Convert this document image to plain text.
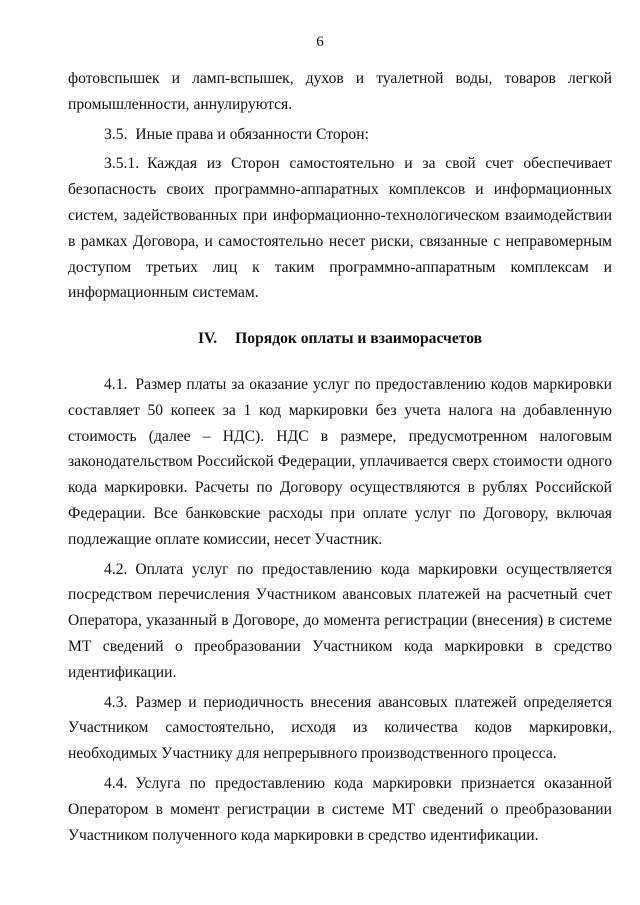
6

фотовспышек и ламп-вспышек, духов и туалетной воды, товаров легкой промышленности, аннулируются.

3.5. Иные права и обязанности Сторон:

3.5.1. Каждая из Сторон самостоятельно и за свой счет обеспечивает безопасность своих программно-аппаратных комплексов и информационных систем, задействованных при информационно-технологическом взаимодействии в рамках Договора, и самостоятельно несет риски, связанные с неправомерным доступом третьих лиц к таким программно-аппаратным комплексам и информационным системам.

IV. Порядок оплаты и взаиморасчетов

4.1. Размер платы за оказание услуг по предоставлению кодов маркировки составляет 50 копеек за 1 код маркировки без учета налога на добавленную стоимость (далее – НДС). НДС в размере, предусмотренном налоговым законодательством Российской Федерации, уплачивается сверх стоимости одного кода маркировки. Расчеты по Договору осуществляются в рублях Российской Федерации. Все банковские расходы при оплате услуг по Договору, включая подлежащие оплате комиссии, несет Участник.

4.2. Оплата услуг по предоставлению кода маркировки осуществляется посредством перечисления Участником авансовых платежей на расчетный счет Оператора, указанный в Договоре, до момента регистрации (внесения) в системе МТ сведений о преобразовании Участником кода маркировки в средство идентификации.

4.3. Размер и периодичность внесения авансовых платежей определяется Участником самостоятельно, исходя из количества кодов маркировки, необходимых Участнику для непрерывного производственного процесса.

4.4. Услуга по предоставлению кода маркировки признается оказанной Оператором в момент регистрации в системе МТ сведений о преобразовании Участником полученного кода маркировки в средство идентификации.
